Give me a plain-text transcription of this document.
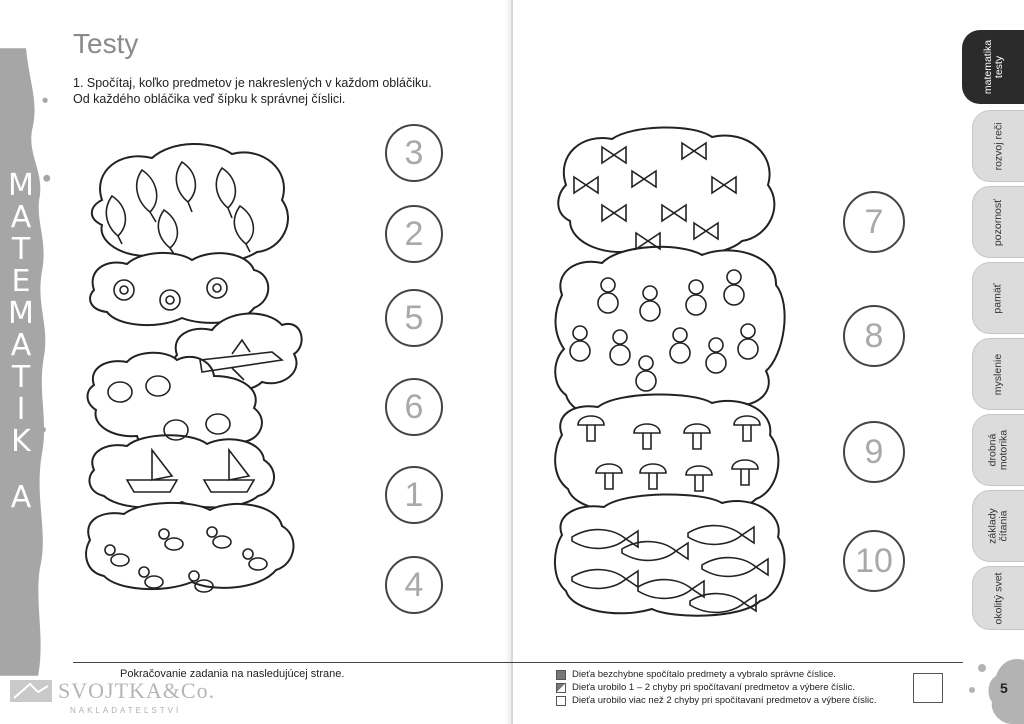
M
A
T
E
M
A
T
I
K
A
Testy
1. Spočítaj, koľko predmetov je nakreslených v každom obláčiku.
Od každého obláčika veď šípku k správnej číslici.
3
2
5
6
1
4
7
8
9
10
matematika testy
rozvoj reči
pozornosť
pamäť
myslenie
drobná motorika
základy čítania
okolitý svet
Pokračovanie zadania na nasledujúcej strane.	Dieťa bezchybne spočítalo predmety a vybralo správne číslice.
Dieťa urobilo 1 – 2 chyby pri spočítavaní predmetov a výbere číslic.
Dieťa urobilo viac než 2 chyby pri spočítavaní predmetov a výbere číslic.
5
SVOJTKA&Co.
NAKLADATEĽSTVÍ
